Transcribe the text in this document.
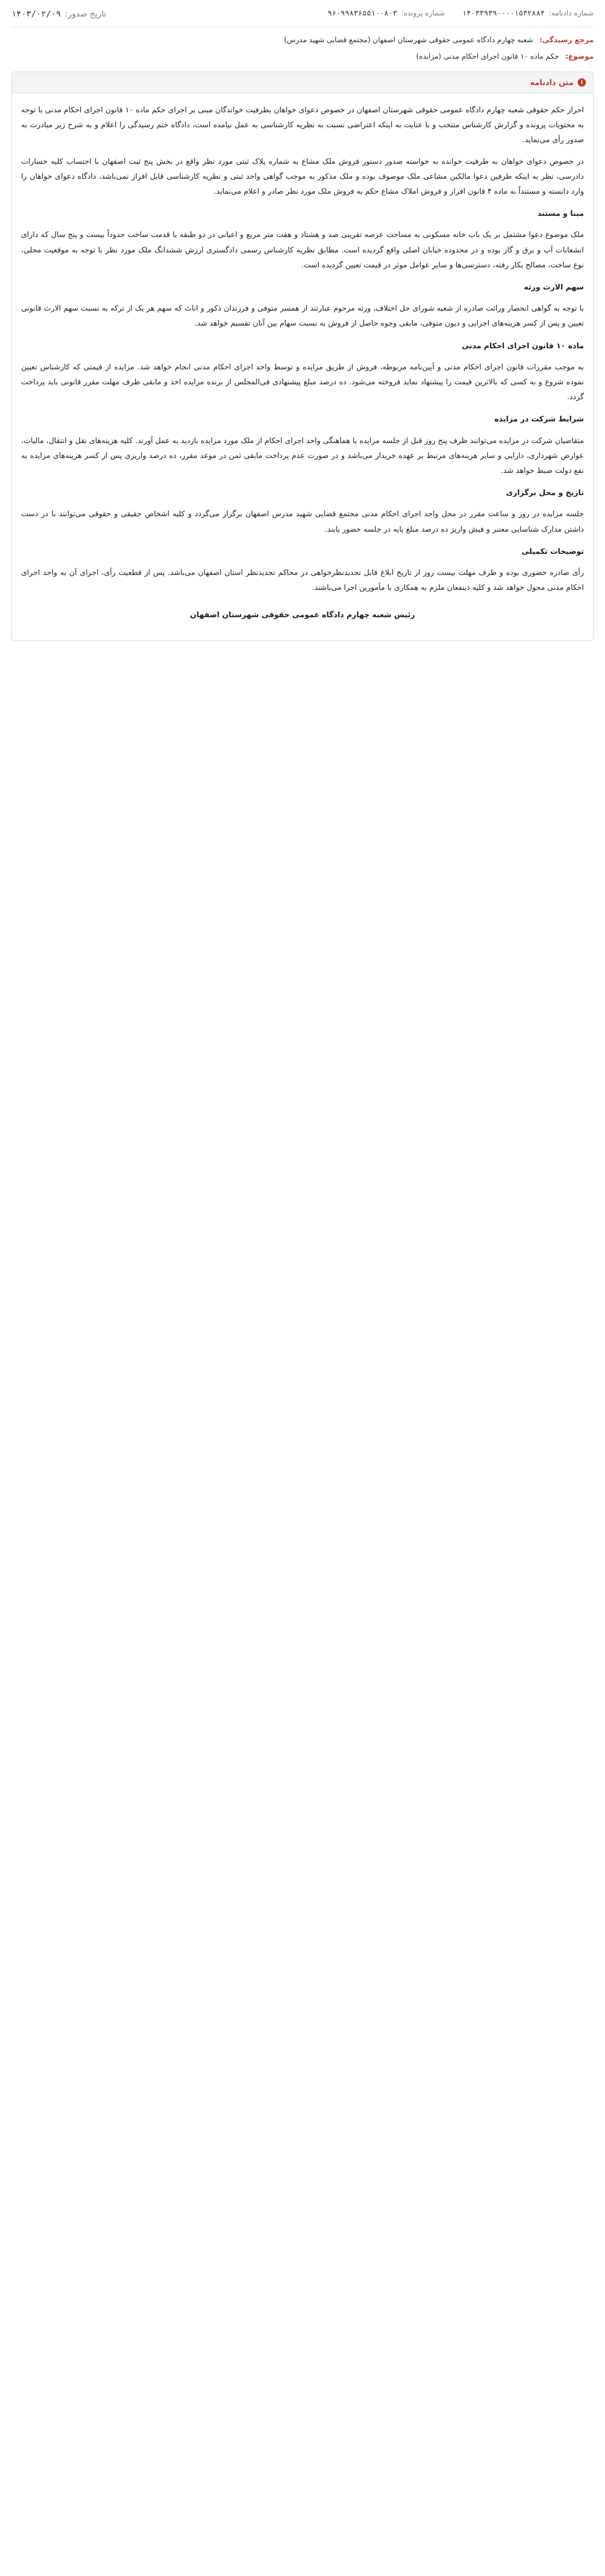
شماره دادنامه:
۱۴۰۳۳۹۳۹۰۰۰۰۱۵۳۲۸۸۴
شماره پرونده:
۹۶۰۹۹۸۳۶۵۵۱۰۰۸۰۳
تاریخ صدور:
۱۴۰۳/۰۲/۰۹
مرجع رسیدگی: شعبه چهارم دادگاه عمومی حقوقی شهرستان اصفهان (مجتمع قضایی شهید مدرس)
موضوع: حکم ماده ۱۰ قانون اجرای احکام مدنی (مزایده)
i
متن دادنامه

احراز حکم حقوقی شعبه چهارم دادگاه عمومی حقوقی شهرستان اصفهان در خصوص دعوای خواهان بطرفیت خواندگان مبنی بر اجرای حکم ماده ۱۰ قانون اجرای احکام مدنی با توجه به محتویات پرونده و گزارش کارشناس منتخب و با عنایت به اینکه اعتراضی نسبت به نظریه کارشناسی به عمل نیامده است، دادگاه ختم رسیدگی را اعلام و به شرح زیر مبادرت به صدور رأی می‌نماید.

در خصوص دعوای خواهان به طرفیت خوانده به خواسته صدور دستور فروش ملک مشاع به شماره پلاک ثبتی مورد نظر واقع در بخش پنج ثبت اصفهان با احتساب کلیه خسارات دادرسی، نظر به اینکه طرفین دعوا مالکین مشاعی ملک موصوف بوده و ملک مذکور به موجب گواهی واحد ثبتی و نظریه کارشناسی قابل افراز نمی‌باشد، دادگاه دعوای خواهان را وارد دانسته و مستنداً به ماده ۴ قانون افراز و فروش املاک مشاع حکم به فروش ملک مورد نظر صادر و اعلام می‌نماید.

مبنا و مستند

ملک موضوع دعوا مشتمل بر یک باب خانه مسکونی به مساحت عرصه تقریبی صد و هشتاد و هفت متر مربع و اعیانی در دو طبقه با قدمت ساخت حدوداً بیست و پنج سال که دارای انشعابات آب و برق و گاز بوده و در محدوده خیابان اصلی واقع گردیده است. مطابق نظریه کارشناس رسمی دادگستری ارزش ششدانگ ملک مورد نظر با توجه به موقعیت محلی، نوع ساخت، مصالح بکار رفته، دسترسی‌ها و سایر عوامل موثر در قیمت تعیین گردیده است.

سهم الارث ورثه

با توجه به گواهی انحصار وراثت صادره از شعبه شورای حل اختلاف، ورثه مرحوم عبارتند از همسر متوفی و فرزندان ذکور و اناث که سهم هر یک از ترکه به نسبت سهم الارث قانونی تعیین و پس از کسر هزینه‌های اجرایی و دیون متوفی، مابقی وجوه حاصل از فروش به نسبت سهام بین آنان تقسیم خواهد شد.

ماده ۱۰ قانون اجرای احکام مدنی

به موجب مقررات قانون اجرای احکام مدنی و آیین‌نامه مربوطه، فروش از طریق مزایده و توسط واحد اجرای احکام مدنی انجام خواهد شد. مزایده از قیمتی که کارشناس تعیین نموده شروع و به کسی که بالاترین قیمت را پیشنهاد نماید فروخته می‌شود. ده درصد مبلغ پیشنهادی فی‌المجلس از برنده مزایده اخذ و مابقی ظرف مهلت مقرر قانونی باید پرداخت گردد.

شرایط شرکت در مزایده

متقاضیان شرکت در مزایده می‌توانند ظرف پنج روز قبل از جلسه مزایده با هماهنگی واحد اجرای احکام از ملک مورد مزایده بازدید به عمل آورند. کلیه هزینه‌های نقل و انتقال، مالیات، عوارض شهرداری، دارایی و سایر هزینه‌های مرتبط بر عهده خریدار می‌باشد و در صورت عدم پرداخت مابقی ثمن در موعد مقرر، ده درصد واریزی پس از کسر هزینه‌های مزایده به نفع دولت ضبط خواهد شد.

تاریخ و محل برگزاری

جلسه مزایده در روز و ساعت مقرر در محل واحد اجرای احکام مدنی مجتمع قضایی شهید مدرس اصفهان برگزار می‌گردد و کلیه اشخاص حقیقی و حقوقی می‌توانند با در دست داشتن مدارک شناسایی معتبر و فیش واریز ده درصد مبلغ پایه در جلسه حضور یابند.

توضیحات تکمیلی

رأی صادره حضوری بوده و ظرف مهلت بیست روز از تاریخ ابلاغ قابل تجدیدنظرخواهی در محاکم تجدیدنظر استان اصفهان می‌باشد. پس از قطعیت رأی، اجرای آن به واحد اجرای احکام مدنی محول خواهد شد و کلیه ذینفعان ملزم به همکاری با مأمورین اجرا می‌باشند.

رئیس شعبه چهارم دادگاه عمومی حقوقی شهرستان اصفهان
